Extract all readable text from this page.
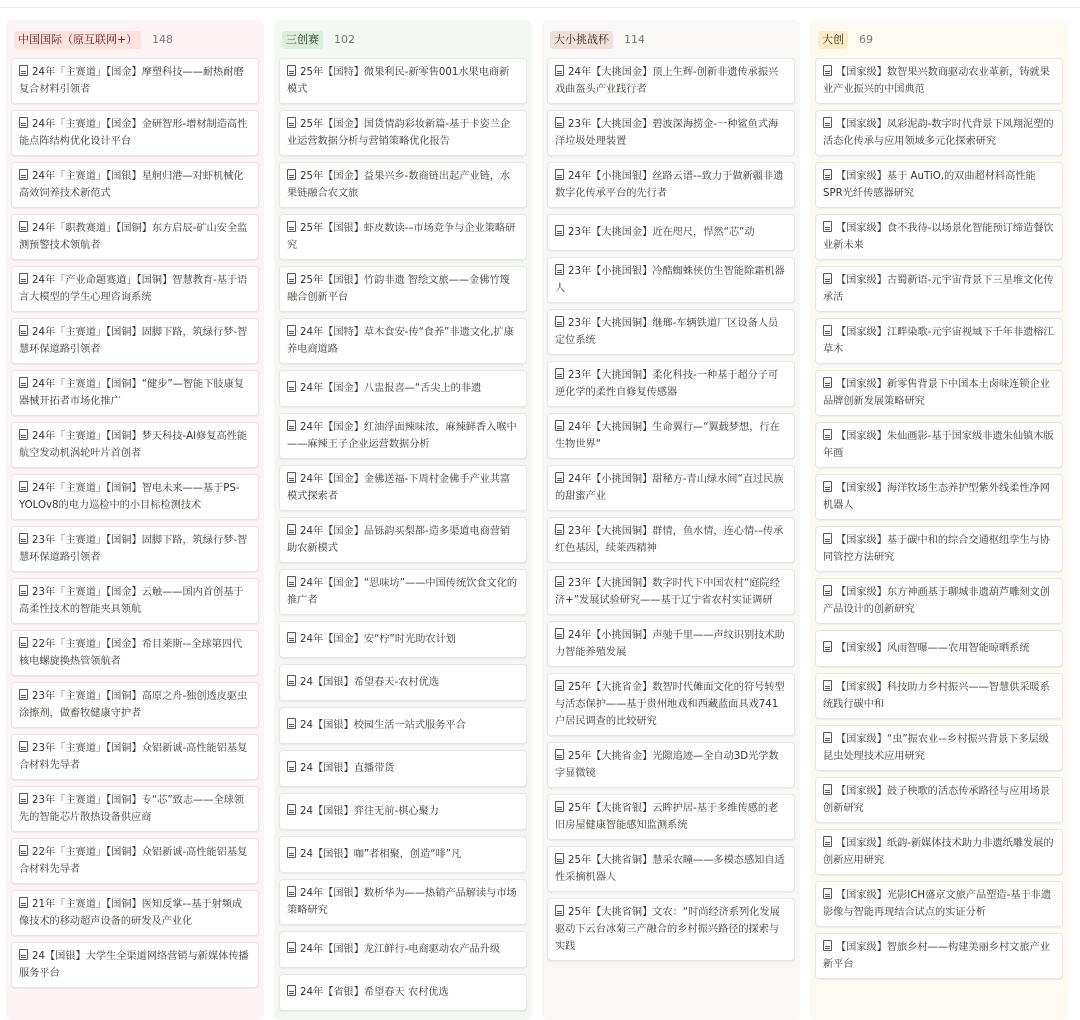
中国国际（原互联网+）	148
24年「主赛道」【国金】摩塑科技——耐热耐磨复合材料引领者
24年「主赛道」【国金】金研智形-增材制造高性能点阵结构优化设计平台
24年「主赛道」【国银】星舸归港—对虾机械化高效饲养技术新范式
24年「职教赛道」【国铜】东方启辰-矿山安全监测预警技术领航者
24年「产业命题赛道」【国铜】智慧教育-基于语言大模型的学生心理咨询系统
24年「主赛道」【国铜】固脚下路，筑绿行梦-智慧环保道路引领者
24年「主赛道」【国铜】“健步”—智能下肢康复器械开拓者市场化推广
24年「主赛道」【国铜】梦天科技-AI修复高性能航空发动机涡轮叶片首创者
24年「主赛道」【国铜】智电未来——基于PS-YOLOv8的电力巡检中的小目标检测技术
23年「主赛道」【国铜】固脚下路，筑绿行梦-智慧环保道路引领者
23年「主赛道」【国金】云触——国内首创基于高柔性技术的智能夹具领航
22年「主赛道」【国金】希目莱斯-–全球第四代核电螺旋换热管领航者
23年「主赛道」【国铜】高原之舟-独创透皮驱虫涂擦剂，做畜牧健康守护者
23年「主赛道」【国铜】众铝新诚-高性能铝基复合材料先导者
23年「主赛道」【国铜】专“芯”致志——全球领先的智能芯片散热设备供应商
22年「主赛道」【国铜】众铝新诚-高性能铝基复合材料先导者
21年「主赛道」【国铜】医知反掌-–基于射频成像技术的移动超声设备的研发及产业化
24【国银】大学生全渠道网络营销与新媒体传播服务平台
三创赛	102
25年【国特】微果利民-新零售001水果电商新模式
25年【国金】国货情韵彩妆新篇-基于卡姿兰企业运营数据分析与营销策略优化报告
25年【国金】益果兴乡-数商链出起产业链，水果链融合农文旅
25年【国银】虾皮数读-–市场竞争与企业策略研究
25年【国银】竹韵非遗 智绘文旅——金佛竹篾融合创新平台
24年【国特】草木食安-传“食养”非遗文化,扩康养电商道路
24年【国金】八盅报喜—“舌尖上的非遗
24年【国金】红油浮面辣味浓，麻辣鲜香入喉中——麻辣王子企业运营数据分析
24年【国金】金佛送福-下周村金佛手产业共富模式探索者
24年【国金】品铄韵买梨都-造多渠道电商营销助农新模式
24年【国金】“思味坊”——中国传统饮食文化的推广者
24年【国金】安“柠”时光助农计划
24【国银】希望春天-农村优选
24【国银】校园生活一站式服务平合
24【国银】直播带货
24【国银】弈往无前-棋心聚力
24【国银】咖”者相聚，创造“啡”凡
24年【国银】数析华为——热销产品解读与市场策略研究
24年【国银】龙江鲜行-电商驱动农产品升级
24年【省银】希望春天 农村优选
大小挑战杯	114
24年【大挑国金】顶上生辉-创新非遗传承振兴戏曲盔头产业践行者
23年【大挑国金】碧波深海捞金-一种鲨鱼式海洋垃圾处理装置
24年【小挑国银】丝路云谱-–致力于做新疆非遗数字化传承平台的先行者
23年【大挑国金】近在咫尺，悍然“芯”动
23年【小挑国银】冷酷蜘蛛侠仿生智能除霜机器人
23年【大挑国铜】继瑯-车辆铁道厂区设备人员定位系统
23年【大挑国铜】柔化科技-一种基于超分子可逆化学的柔性自修复传感器
24年【大挑国铜】生命翼行—“翼载梦想，行在生物世界“
24年【小挑国铜】甜秘方-青山绿水间“直过民族的甜蜜产业
23年【大挑国铜】群情，鱼水情，连心情-–传承红色基因，续莱西精神
23年【大挑国铜】数字时代下中国农村“庭院经济+”发展试验研究——基于辽宁省农村实证调研
24年【小挑国铜】声驰千里——声纹识别技术助力智能养殖发展
25年【大挑省金】数智时代傩面文化的符号转型与活态保护——基于贵州地戏和西藏蓝面具戏741户居民调查的比较研究
25年【大挑省金】光隙追迹—全自动3D光学数字显微镜
25年【大挑省银】云眸护居-基于多维传感的老旧房屋健康智能感知监测系统
25年【大挑省铜】慧采农瞳——多模态感知自适性采摘机器人
25年【大挑省铜】文农：“时尚经济系列化发展驱动下云台冰菊三产融合的乡村振兴路径的探索与实践
大创	69
【国家级】数智果兴数商驱动农业革新，铸就果业产业振兴的中国典范
【国家级】凤彩泥韵-数字时代背景下凤翔泥塑的活态化传承与应用领域多元化探索研究
【国家级】基于 AuTiO,的双曲超材料高性能SPR光纤传感器研究
【国家级】食不我待-以场景化智能预订缔造餐饮业新未来
【国家级】古蜀新语-元宇宙背景下三星堆文化传承活
【国家级】江畔染歌-元宇宙视域下千年非遗榕江草木
【国家级】新零售背景下中国本土卤味连锁企业品牌创新发展策略研究
【国家级】朱仙画影-基于国家级非遗朱仙镇木版年画
【国家级】海洋牧场生态养护型紫外线柔性净网机器人
【国家级】基于碳中和的综合交通枢纽孪生与协同管控方法研究
【国家级】东方神画基于聊城非遗葫芦雕刻文创产品设计的创新研究
【国家级】风雨智曝——农用智能晾晒系统
【国家级】科技助力乡村振兴——智慧供采暖系统践行碳中和
【国家级】“虫”振农业-–乡村振兴背景下多层级昆虫处理技术应用研究
【国家级】鼓子秧歌的活态传承路径与应用场景创新研究
【国家级】纸韵-新媒体技术助力非遗纸雕发展的创新应用研究
【国家级】光影ICH盛京文旅产品塑造-基于非遗影像与智能再现结合试点的实证分析
【国家级】智旅乡村——构建美丽乡村文旅产业新平台
